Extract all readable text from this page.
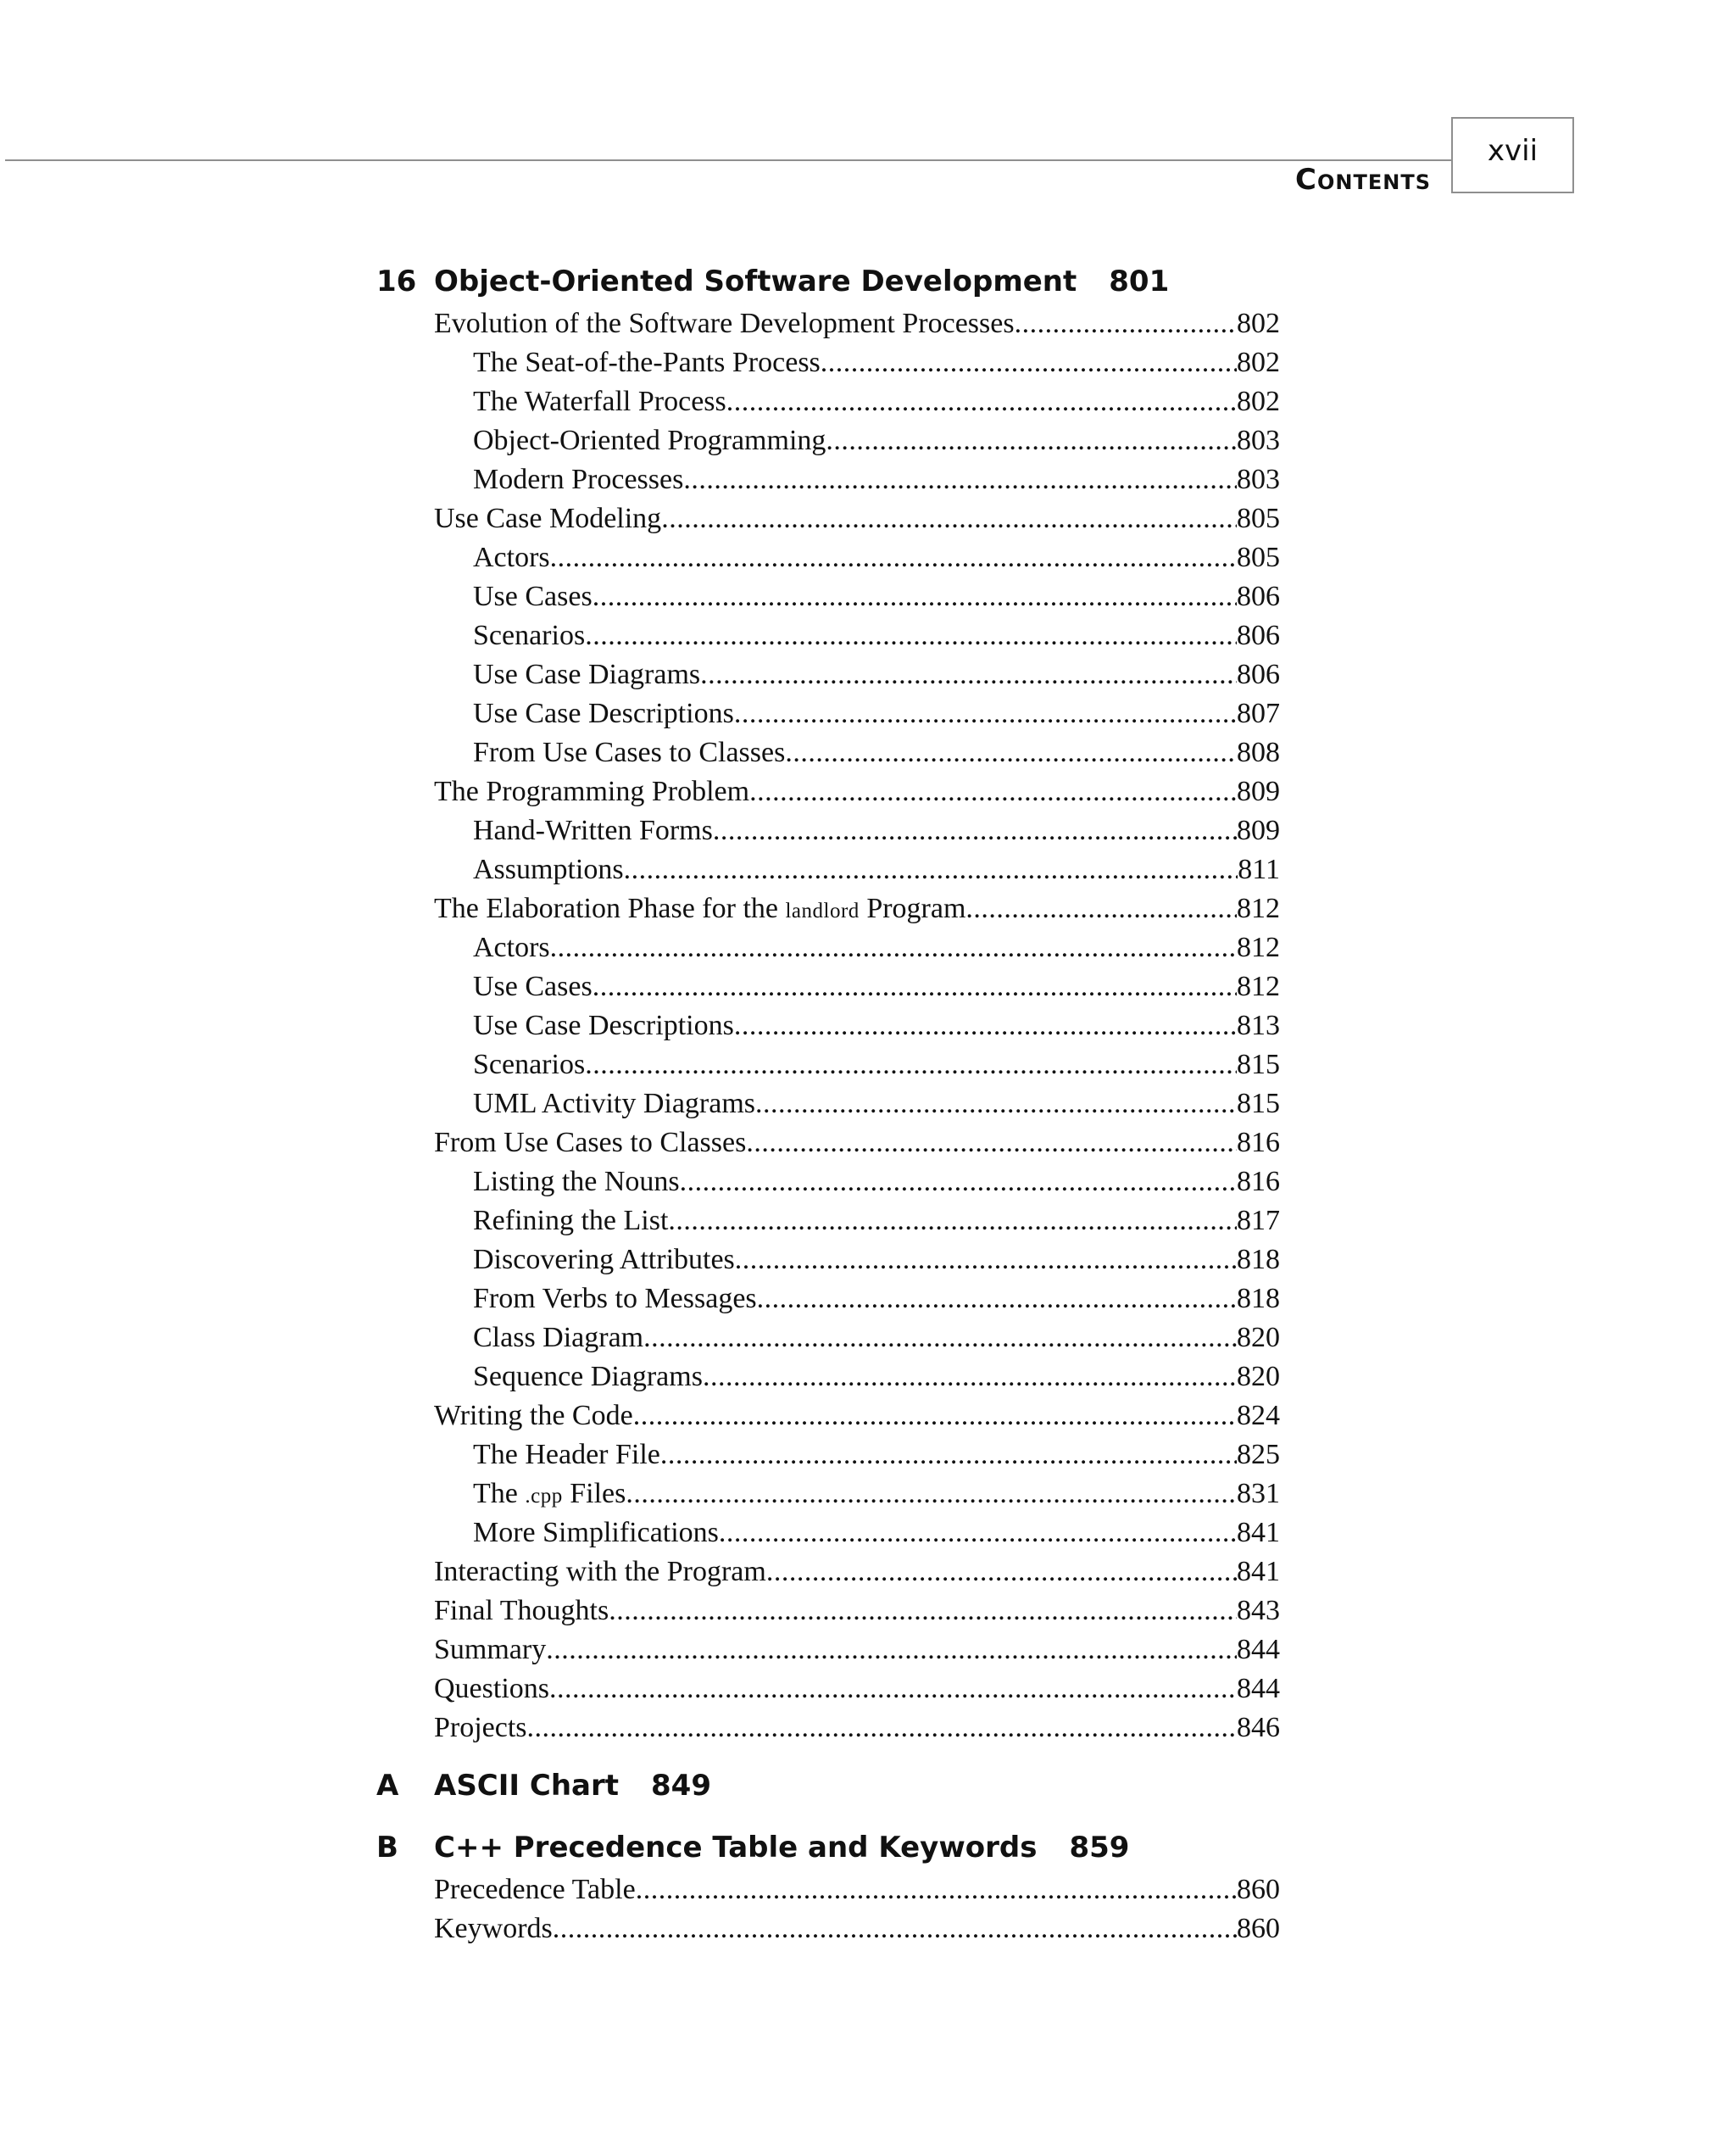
Contents
xvii
16 Object-Oriented Software Development 801
Evolution of the Software Development Processes .....	802
The Seat-of-the-Pants Process .....	802
The Waterfall Process .....	802
Object-Oriented Programming .....	803
Modern Processes .....	803
Use Case Modeling .....	805
Actors .....	805
Use Cases .....	806
Scenarios .....	806
Use Case Diagrams .....	806
Use Case Descriptions .....	807
From Use Cases to Classes .....	808
The Programming Problem .....	809
Hand-Written Forms .....	809
Assumptions .....	811
The Elaboration Phase for the landlord Program .....	812
Actors .....	812
Use Cases .....	812
Use Case Descriptions .....	813
Scenarios .....	815
UML Activity Diagrams .....	815
From Use Cases to Classes .....	816
Listing the Nouns .....	816
Refining the List .....	817
Discovering Attributes .....	818
From Verbs to Messages .....	818
Class Diagram .....	820
Sequence Diagrams .....	820
Writing the Code .....	824
The Header File .....	825
The .cpp Files .....	831
More Simplifications .....	841
Interacting with the Program .....	841
Final Thoughts .....	843
Summary .....	844
Questions .....	844
Projects .....	846
A ASCII Chart 849
B C++ Precedence Table and Keywords 859
Precedence Table .....	860
Keywords .....	860
